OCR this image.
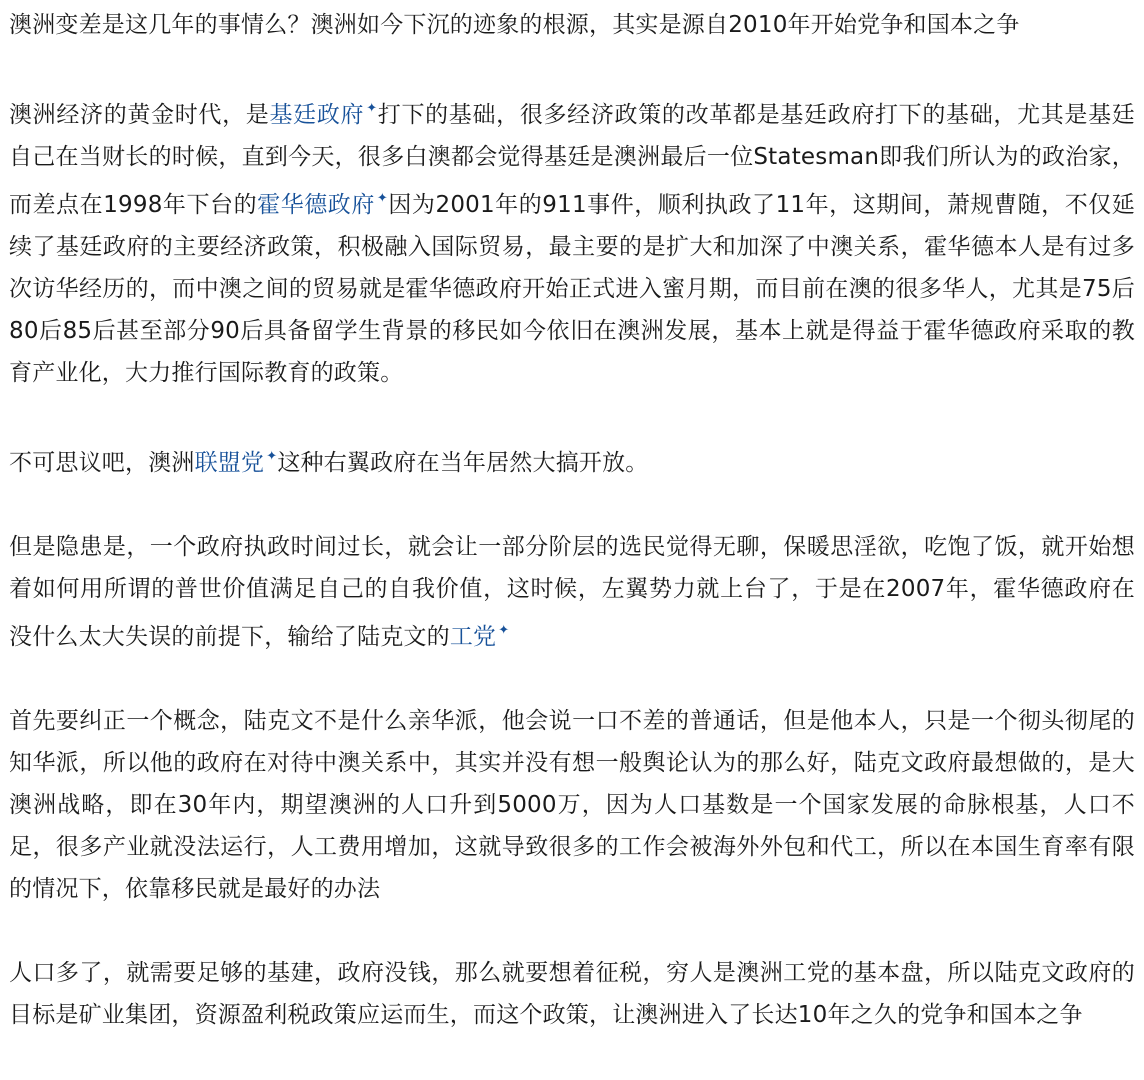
澳洲变差是这几年的事情么？澳洲如今下沉的迹象的根源，其实是源自2010年开始党争和国本之争

澳洲经济的黄金时代，是基廷政府 ✦打下的基础，很多经济政策的改革都是基廷政府打下的基础，尤其是基廷自己在当财长的时候，直到今天，很多白澳都会觉得基廷是澳洲最后一位Statesman即我们所认为的政治家，而差点在1998年下台的霍华德政府 ✦因为2001年的911事件，顺利执政了11年，这期间，萧规曹随，不仅延续了基廷政府的主要经济政策，积极融入国际贸易，最主要的是扩大和加深了中澳关系，霍华德本人是有过多次访华经历的，而中澳之间的贸易就是霍华德政府开始正式进入蜜月期，而目前在澳的很多华人，尤其是75后80后85后甚至部分90后具备留学生背景的移民如今依旧在澳洲发展，基本上就是得益于霍华德政府采取的教育产业化，大力推行国际教育的政策。

不可思议吧，澳洲联盟党 ✦这种右翼政府在当年居然大搞开放。

但是隐患是，一个政府执政时间过长，就会让一部分阶层的选民觉得无聊，保暖思淫欲，吃饱了饭，就开始想着如何用所谓的普世价值满足自己的自我价值，这时候，左翼势力就上台了，于是在2007年，霍华德政府在没什么太大失误的前提下，输给了陆克文的工党 ✦

首先要纠正一个概念，陆克文不是什么亲华派，他会说一口不差的普通话，但是他本人，只是一个彻头彻尾的知华派，所以他的政府在对待中澳关系中，其实并没有想一般舆论认为的那么好，陆克文政府最想做的，是大澳洲战略，即在30年内，期望澳洲的人口升到5000万，因为人口基数是一个国家发展的命脉根基，人口不足，很多产业就没法运行，人工费用增加，这就导致很多的工作会被海外外包和代工，所以在本国生育率有限的情况下，依靠移民就是最好的办法

人口多了，就需要足够的基建，政府没钱，那么就要想着征税，穷人是澳洲工党的基本盘，所以陆克文政府的目标是矿业集团，资源盈利税政策应运而生，而这个政策，让澳洲进入了长达10年之久的党争和国本之争
